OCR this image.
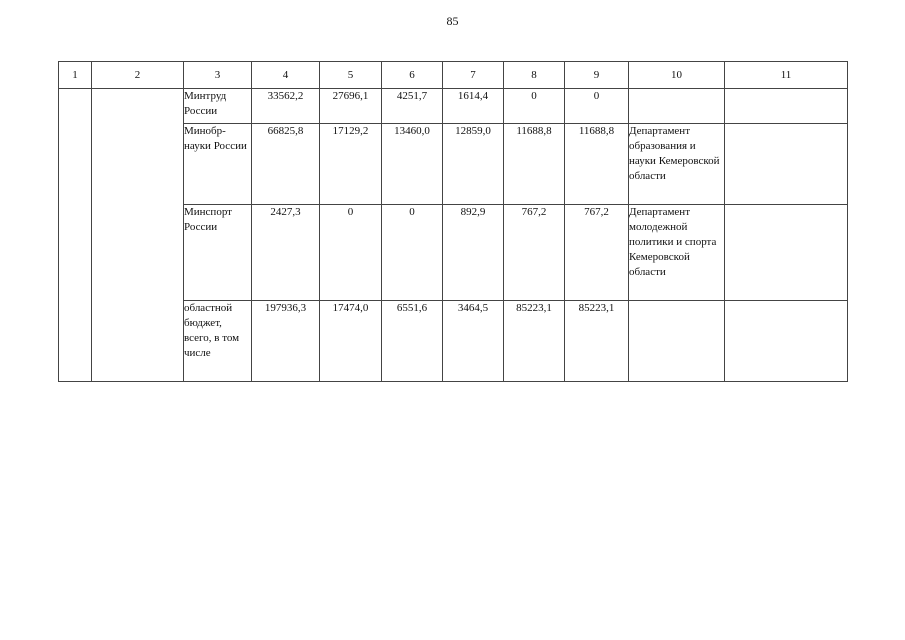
85
1	2	3	4	5	6	7	8	9	10	11
		Минтруд России	33562,2	27696,1	4251,7	1614,4	0	0		
		Минобр-науки России	66825,8	17129,2	13460,0	12859,0	11688,8	11688,8	Департамент образования и науки Кемеровской области	
		Минспорт России	2427,3	0	0	892,9	767,2	767,2	Департамент молодежной политики и спорта Кемеровской области	
		областной бюджет, всего, в том числе	197936,3	17474,0	6551,6	3464,5	85223,1	85223,1		
